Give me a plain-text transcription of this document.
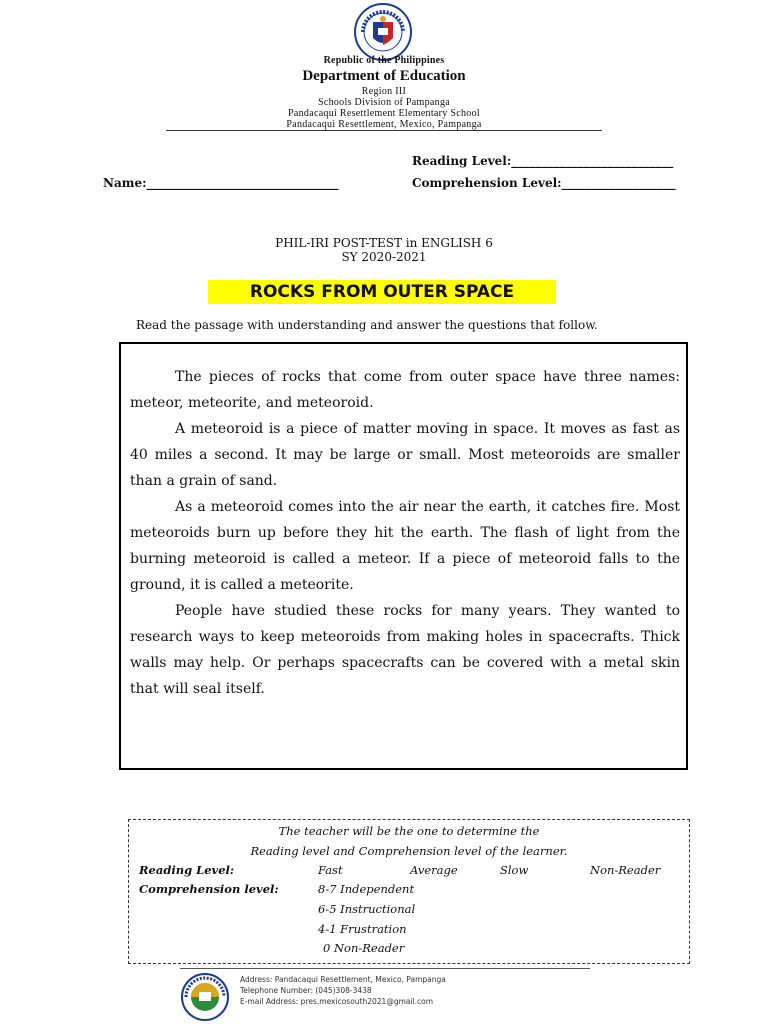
Republic of the Philippines
Department of Education
Region III
Schools Division of Pampanga
Pandacaqui Resettlement Elementary School
Pandacaqui Resettlement, Mexico, Pampanga
Reading Level:___________________________
Name:________________________________	Comprehension Level:___________________
PHIL-IRI POST-TEST in ENGLISH 6
SY 2020-2021
ROCKS FROM OUTER SPACE
Read the passage with understanding and answer the questions that follow.

The pieces of rocks that come from outer space have three names: meteor, meteorite, and meteoroid.

A meteoroid is a piece of matter moving in space. It moves as fast as 40 miles a second. It may be large or small. Most meteoroids are smaller than a grain of sand.

As a meteoroid comes into the air near the earth, it catches fire. Most meteoroids burn up before they hit the earth. The flash of light from the burning meteoroid is called a meteor. If a piece of meteoroid falls to the ground, it is called a meteorite.

People have studied these rocks for many years. They wanted to research ways to keep meteoroids from making holes in spacecrafts. Thick walls may help. Or perhaps spacecrafts can be covered with a metal skin that will seal itself.

The teacher will be the one to determine the
Reading level and Comprehension level of the learner.
Reading Level:	Fast	Average	Slow	Non-Reader
Comprehension level:	8-7 Independent
6-5 Instructional
4-1 Frustration
0 Non-Reader
Address: Pandacaqui Resettlement, Mexico, Pampanga
Telephone Number: (045)308-3438
E-mail Address: pres.mexicosouth2021@gmail.com
